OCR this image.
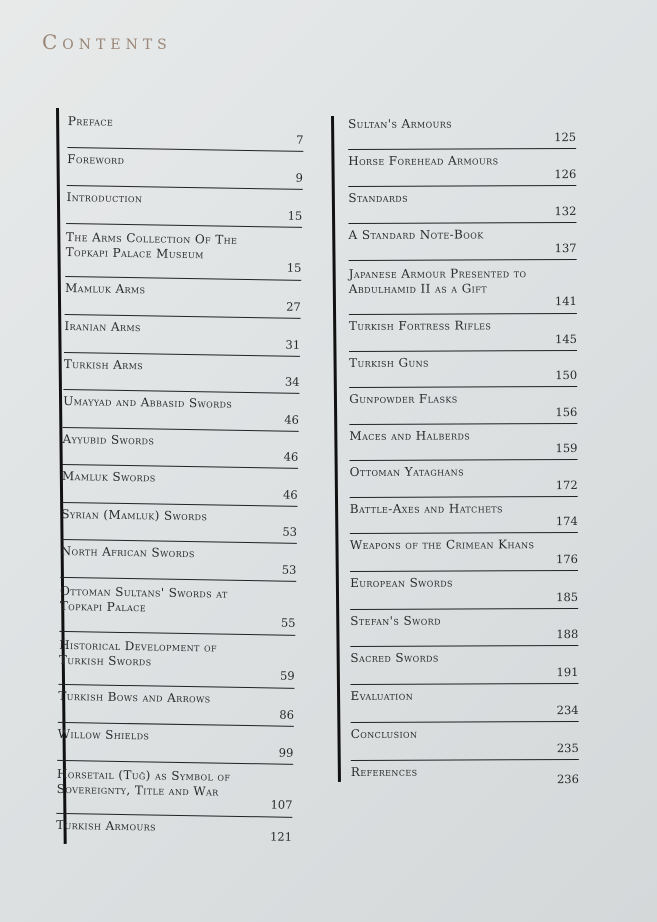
Contents
Preface
7
Foreword
9
Introduction
15
The Arms Collection Of The Topkapi Palace Museum
15
Mamluk Arms
27
Iranian Arms
31
Turkish Arms
34
Umayyad and Abbasid Swords
46
Ayyubid Swords
46
Mamluk Swords
46
Syrian (Mamluk) Swords
53
North African Swords
53
Ottoman Sultans' Swords at Topkapi Palace
55
Historical Development of Turkish Swords
59
Turkish Bows and Arrows
86
Willow Shields
99
Horsetail (Tuğ) as Symbol of Sovereignty, Title and War
107
Turkish Armours
121
Sultan's Armours
125
Horse Forehead Armours
126
Standards
132
A Standard Note-Book
137
Japanese Armour Presented to Abdulhamid II as a Gift
141
Turkish Fortress Rifles
145
Turkish Guns
150
Gunpowder Flasks
156
Maces and Halberds
159
Ottoman Yataghans
172
Battle-Axes and Hatchets
174
Weapons of the Crimean Khans
176
European Swords
185
Stefan's Sword
188
Sacred Swords
191
Evaluation
234
Conclusion
235
References
236
